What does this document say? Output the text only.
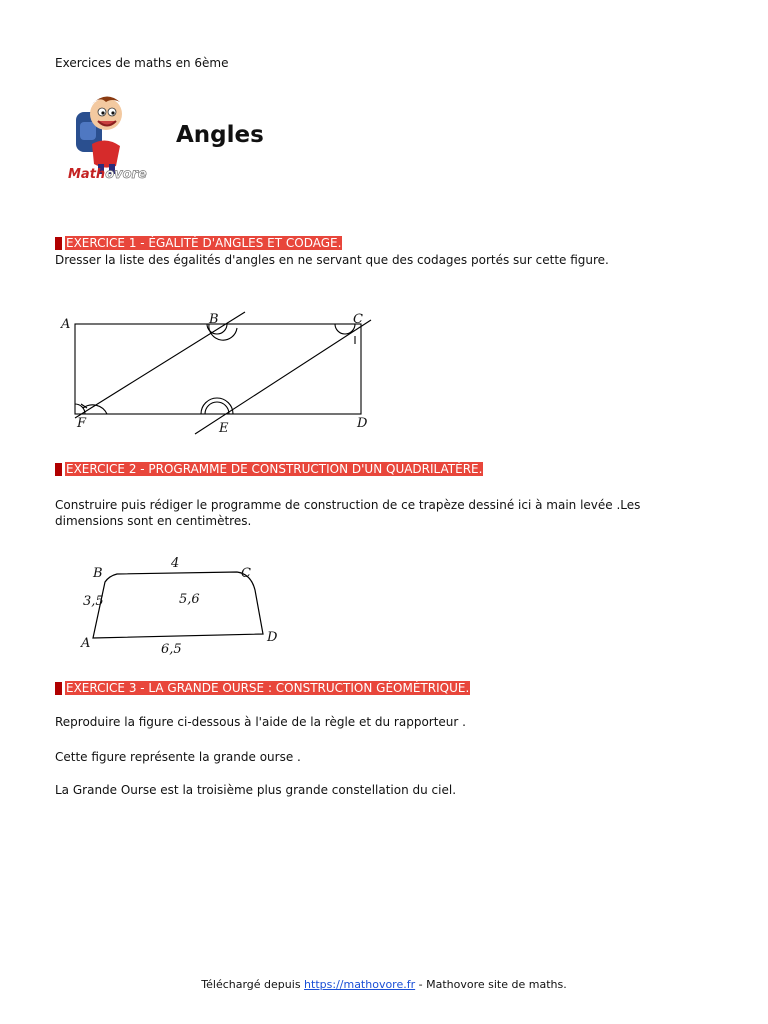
Exercices de maths en 6ème
Mathovore
Angles
EXERCICE 1 - ÉGALITÉ D'ANGLES ET CODAGE.
Dresser la liste des égalités d'angles en ne servant que des codages portés sur cette figure.
A	B	C
D
E
F
EXERCICE 2 - PROGRAMME DE CONSTRUCTION D'UN QUADRILATÈRE.
Construire puis rédiger le programme de construction de ce trapèze dessiné ici à main levée .Les dimensions sont en centimètres.
B	C
A	D
4
3,5	5,6
6,5
EXERCICE 3 - LA GRANDE OURSE : CONSTRUCTION GÉOMÉTRIQUE.
Reproduire la figure ci-dessous à l'aide de la règle et du rapporteur .
Cette figure représente la grande ourse .
La Grande Ourse est la troisième plus grande constellation du ciel.
Téléchargé depuis https://mathovore.fr - Mathovore site de maths.
